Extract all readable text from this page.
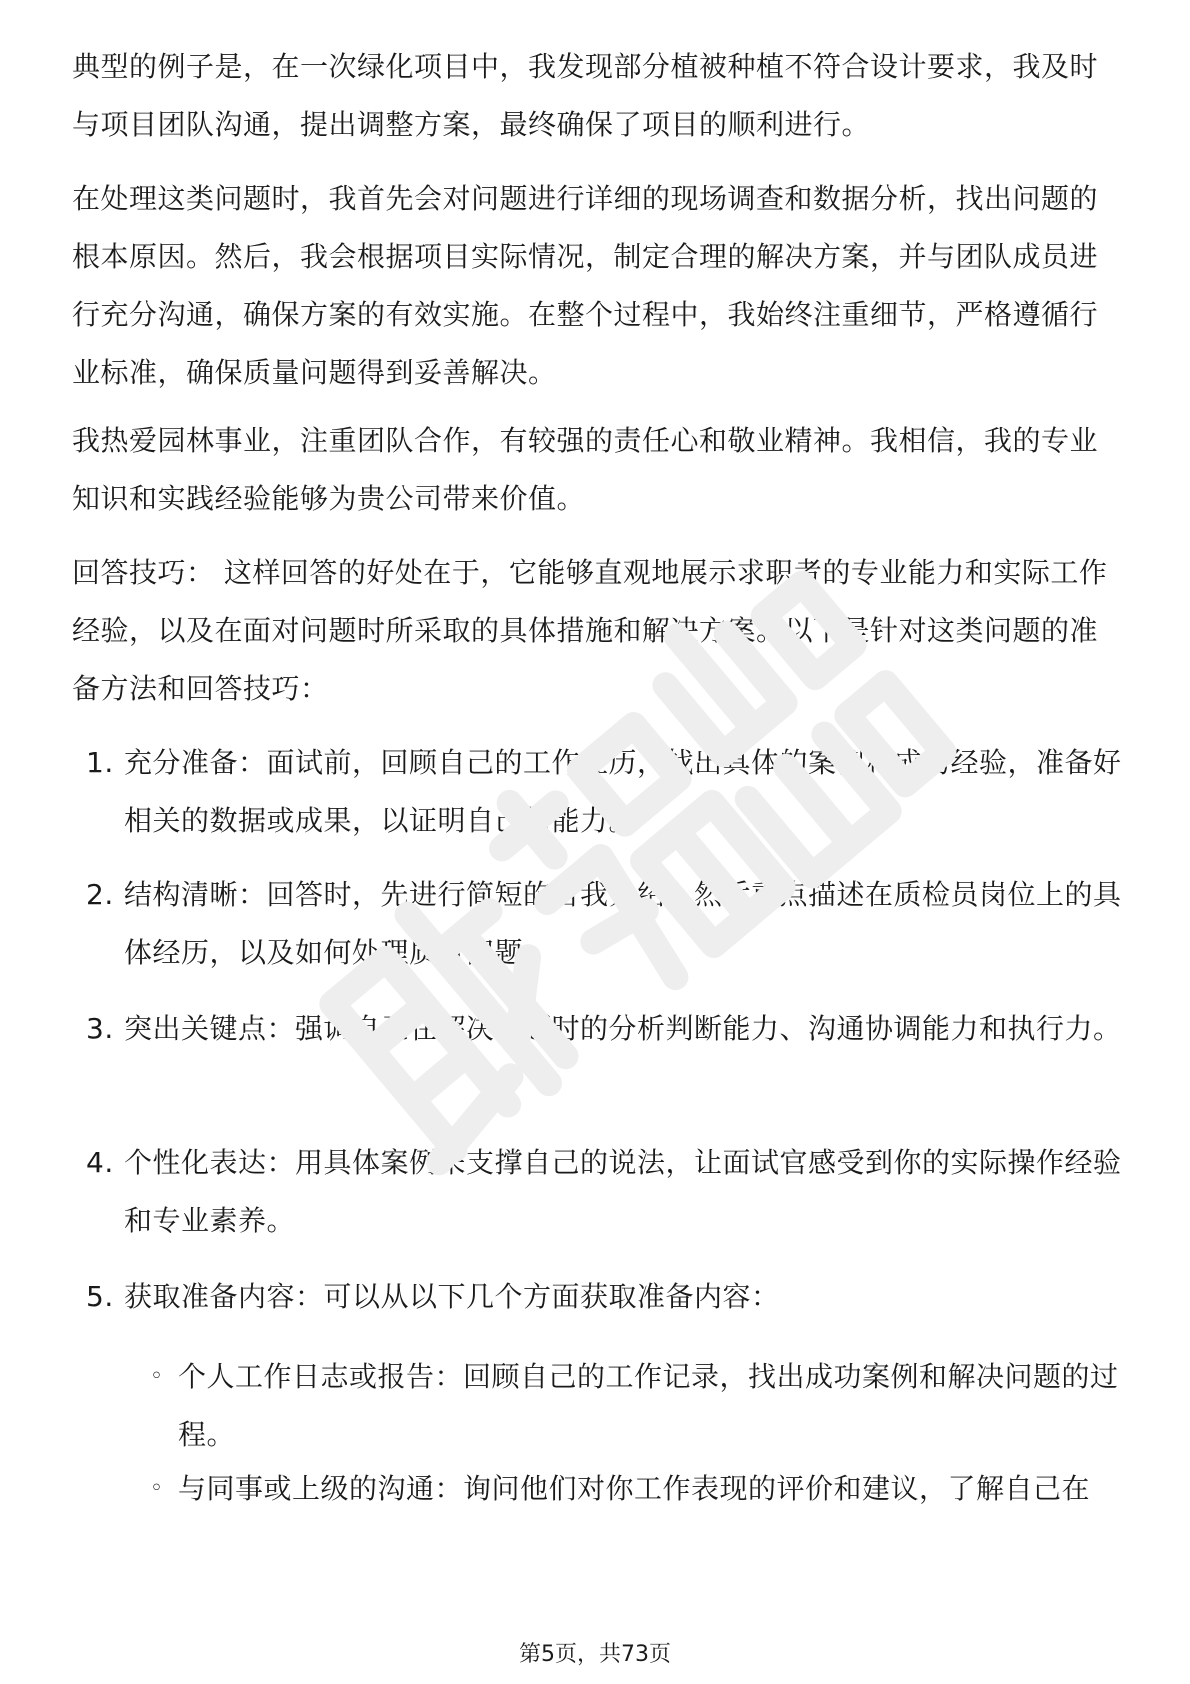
典型的例子是，在一次绿化项目中，我发现部分植被种植不符合设计要求，我及时与项目团队沟通，提出调整方案，最终确保了项目的顺利进行。

在处理这类问题时，我首先会对问题进行详细的现场调查和数据分析，找出问题的根本原因。然后，我会根据项目实际情况，制定合理的解决方案，并与团队成员进行充分沟通，确保方案的有效实施。在整个过程中，我始终注重细节，严格遵循行业标准，确保质量问题得到妥善解决。

我热爱园林事业，注重团队合作，有较强的责任心和敬业精神。我相信，我的专业知识和实践经验能够为贵公司带来价值。

回答技巧： 这样回答的好处在于，它能够直观地展示求职者的专业能力和实际工作经验，以及在面对问题时所采取的具体措施和解决方案。以下是针对这类问题的准备方法和回答技巧：

1. 充分准备：面试前，回顾自己的工作经历，找出具体的案例和成功经验，准备好相关的数据或成果，以证明自己的能力。
2. 结构清晰：回答时，先进行简短的自我介绍，然后重点描述在质检员岗位上的具体经历，以及如何处理质量问题。
3. 突出关键点：强调自己在解决问题时的分析判断能力、沟通协调能力和执行力。
4. 个性化表达：用具体案例来支撑自己的说法，让面试官感受到你的实际操作经验和专业素养。
5. 获取准备内容：可以从以下几个方面获取准备内容：
◦ 个人工作日志或报告：回顾自己的工作记录，找出成功案例和解决问题的过程。
◦ 与同事或上级的沟通：询问他们对你工作表现的评价和建议，了解自己在
第5页，共73页
